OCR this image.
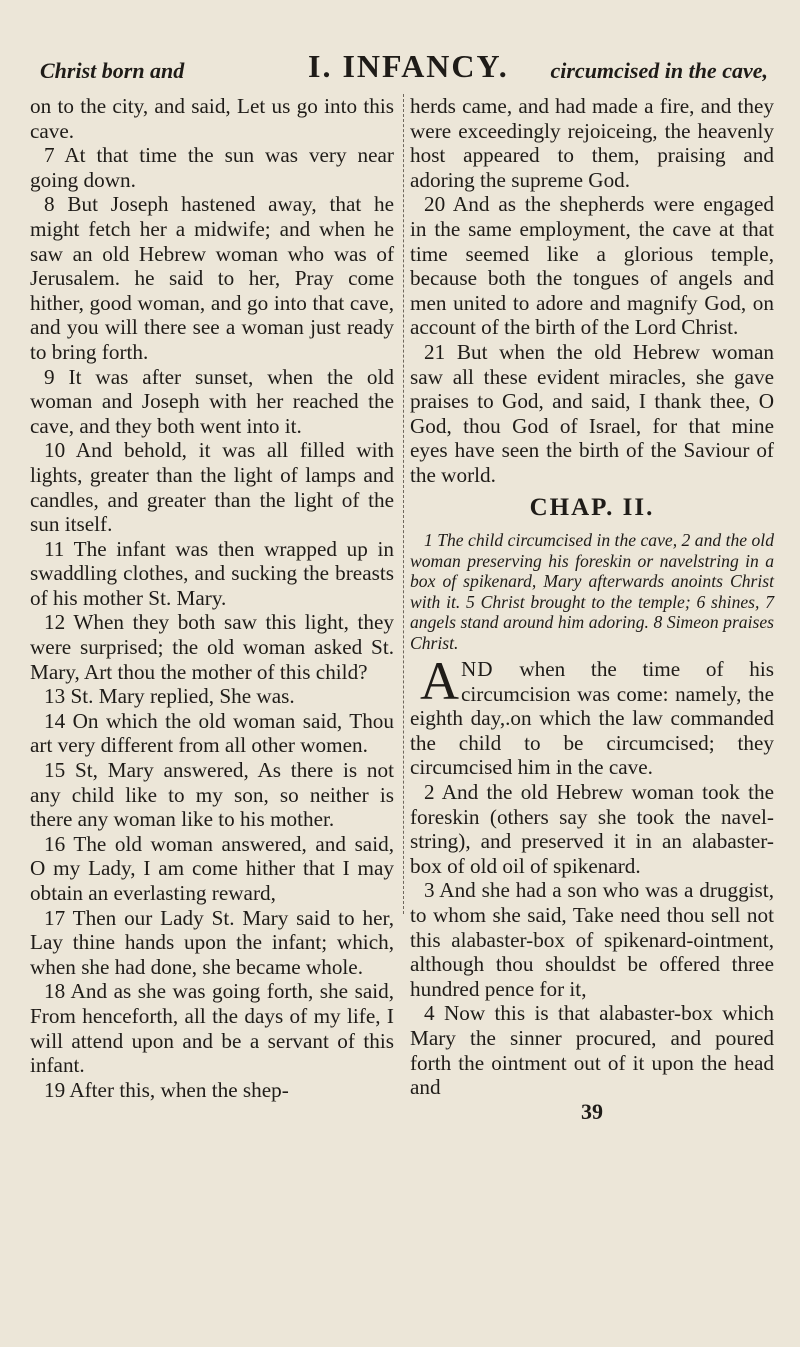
Christ born and	I. INFANCY. circumcised in the cave,

on to the city, and said, Let us go into this cave.

7 At that time the sun was very near going down.

8 But Joseph hastened away, that he might fetch her a midwife; and when he saw an old Hebrew woman who was of Jerusalem. he said to her, Pray come hither, good woman, and go into that cave, and you will there see a woman just ready to bring forth.

9 It was after sunset, when the old woman and Joseph with her reached the cave, and they both went into it.

10 And behold, it was all filled with lights, greater than the light of lamps and candles, and greater than the light of the sun itself.

11 The infant was then wrapped up in swaddling clothes, and sucking the breasts of his mother St. Mary.

12 When they both saw this light, they were surprised; the old woman asked St. Mary, Art thou the mother of this child?

13 St. Mary replied, She was.

14 On which the old woman said, Thou art very different from all other women.

15 St, Mary answered, As there is not any child like to my son, so neither is there any woman like to his mother.

16 The old woman answered, and said, O my Lady, I am come hither that I may obtain an everlasting reward,

17 Then our Lady St. Mary said to her, Lay thine hands upon the infant; which, when she had done, she became whole.

18 And as she was going forth, she said, From henceforth, all the days of my life, I will attend upon and be a servant of this infant.

19 After this, when the shep-

herds came, and had made a fire, and they were exceedingly rejoiceing, the heavenly host appeared to them, praising and adoring the supreme God.

20 And as the shepherds were engaged in the same employment, the cave at that time seemed like a glorious temple, because both the tongues of angels and men united to adore and magnify God, on account of the birth of the Lord Christ.

21 But when the old Hebrew woman saw all these evident miracles, she gave praises to God, and said, I thank thee, O God, thou God of Israel, for that mine eyes have seen the birth of the Saviour of the world.

CHAP. II.

1 The child circumcised in the cave, 2 and the old woman preserving his foreskin or navelstring in a box of spikenard, Mary afterwards anoints Christ with it. 5 Christ brought to the temple; 6 shines, 7 angels stand around him adoring. 8 Simeon praises Christ.

AND when the time of his circumcision was come: namely, the eighth day,.on which the law commanded the child to be circumcised; they circumcised him in the cave.

2 And the old Hebrew woman took the foreskin (others say she took the navel-string), and preserved it in an alabaster-box of old oil of spikenard.

3 And she had a son who was a druggist, to whom she said, Take need thou sell not this alabaster-box of spikenard-ointment, although thou shouldst be offered three hundred pence for it,

4 Now this is that alabaster-box which Mary the sinner procured, and poured forth the ointment out of it upon the head and

39
